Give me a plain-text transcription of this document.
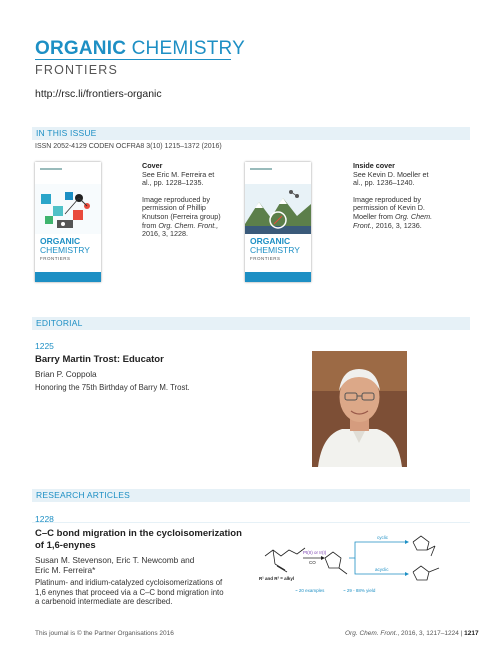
ORGANIC CHEMISTRY
FRONTIERS
http://rsc.li/frontiers-organic
IN THIS ISSUE
ISSN 2052-4129 CODEN OCFRA8 3(10) 1215–1372 (2016)
ORGANIC
CHEMISTRY
FRONTIERS
Cover

See Eric M. Ferreira et al., pp. 1228–1235.

Image reproduced by permission of Phillip Knutson (Ferreira group) from Org. Chem. Front., 2016, 3, 1228.

ORGANIC
CHEMISTRY
FRONTIERS
Inside cover

See Kevin D. Moeller et al., pp. 1236–1240.

Image reproduced by permission of Kevin D. Moeller from Org. Chem. Front., 2016, 3, 1236.

EDITORIAL
1225
Barry Martin Trost: Educator
Brian P. Coppola
Honoring the 75th Birthday of Barry M. Trost.
RESEARCH ARTICLES
1228
C–C bond migration in the cycloisomerization
of 1,6-enynes
Susan M. Stevenson, Eric T. Newcomb and
Eric M. Ferreira*
Platinum- and iridium-catalyzed cycloisomerizations of
1,6 enynes that proceed via a C–C bond migration into
a carbenoid intermediate are described.
Pt(II) or Ir(I)
CO
cyclic
acyclic
R¹ and R² = alkyl
~ 20 examples	~ 29 - 88% yield
This journal is © the Partner Organisations 2016	Org. Chem. Front., 2016, 3, 1217–1224 | 1217
